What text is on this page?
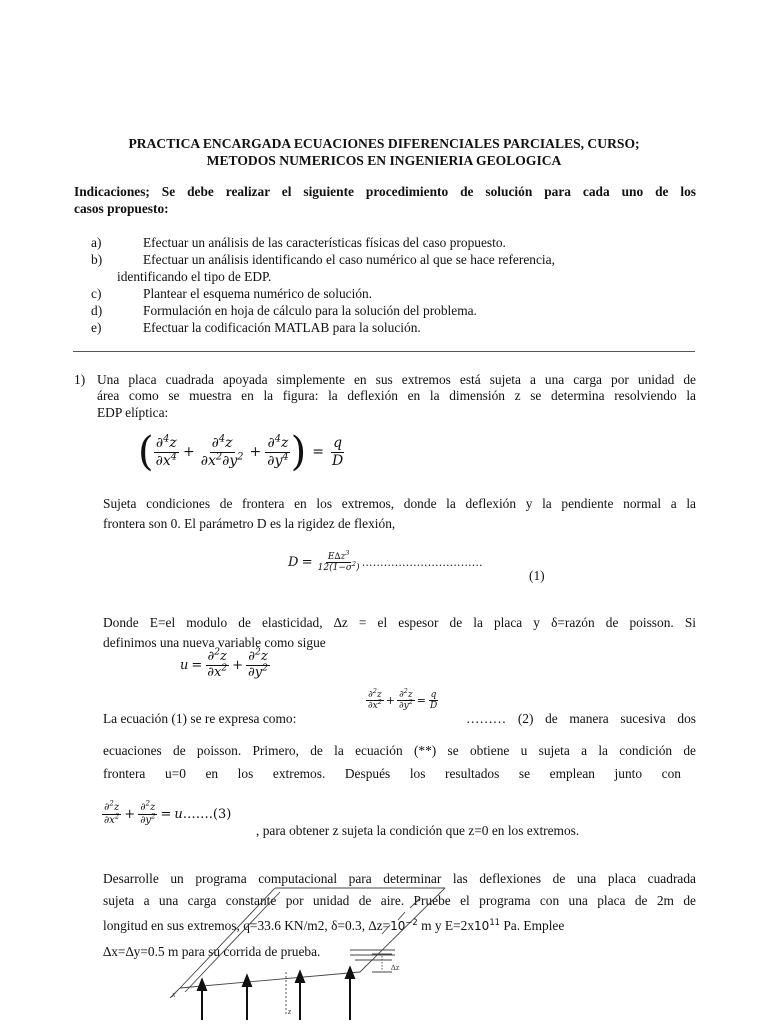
PRACTICA ENCARGADA ECUACIONES DIFERENCIALES PARCIALES, CURSO;
METODOS NUMERICOS EN INGENIERIA GEOLOGICA
Indicaciones; Se debe realizar el siguiente procedimiento de solución para cada uno de los
casos propuesto:
a)	Efectuar un análisis de las características físicas del caso propuesto.
b)	Efectuar un análisis identificando el caso numérico al que se hace referencia,
identificando el tipo de EDP.
c)	Plantear el esquema numérico de solución.
d)	Formulación en hoja de cálculo para la solución del problema.
e)	Efectuar la codificación MATLAB para la solución.
1) Una placa cuadrada apoyada simplemente en sus extremos está sujeta a una carga por unidad de
área como se muestra en la figura: la deflexión en la dimensión z se determina resolviendo la
EDP elíptica:
( $\frac{\partial^4z}{\partial x^4} + \frac{\partial^4z}{\partial x^2\partial y^2} + \frac{\partial^4z}{\partial y^4}$ ) = $\frac{q}{D}$
Sujeta condiciones de frontera en los extremos, donde la deflexión y la pendiente normal a la
frontera son 0. El parámetro D es la rigidez de flexión,
$D = \frac{E\Delta z^3}{12(1-\sigma^2)}$ ……………………………
(1)
Donde E=el modulo de elasticidad, ∆z = el espesor de la placa y δ=razón de poisson. Si
definimos una nueva variable como sigue
$u = \frac{\partial^2z}{\partial x^2} + \frac{\partial^2z}{\partial y^2}$
$\frac{\partial^2z}{\partial x^2} + \frac{\partial^2z}{\partial y^2} = \frac{q}{D}$
La ecuación (1) se re expresa como:	……… (2) de manera sucesiva dos
ecuaciones de poisson. Primero, de la ecuación (**) se obtiene u sujeta a la condición de
frontera u=0 en los extremos. Después los resultados se emplean junto con
$\frac{\partial^2z}{\partial x^2} + \frac{\partial^2z}{\partial y^2} = u$ …….(3)
, para obtener z sujeta la condición que z=0 en los extremos.
Desarrolle un programa computacional para determinar las deflexiones de una placa cuadrada
sujeta a una carga constante por unidad de aire. Pruebe el programa con una placa de 2m de
longitud en sus extremos, q=33.6 KN/m2, δ=0.3, $\Delta z=10^{-2}$ m y $E=2x10^{11}$ Pa. Emplee
∆x=∆y=0.5 m para su corrida de prueba.
x
z
∆z
